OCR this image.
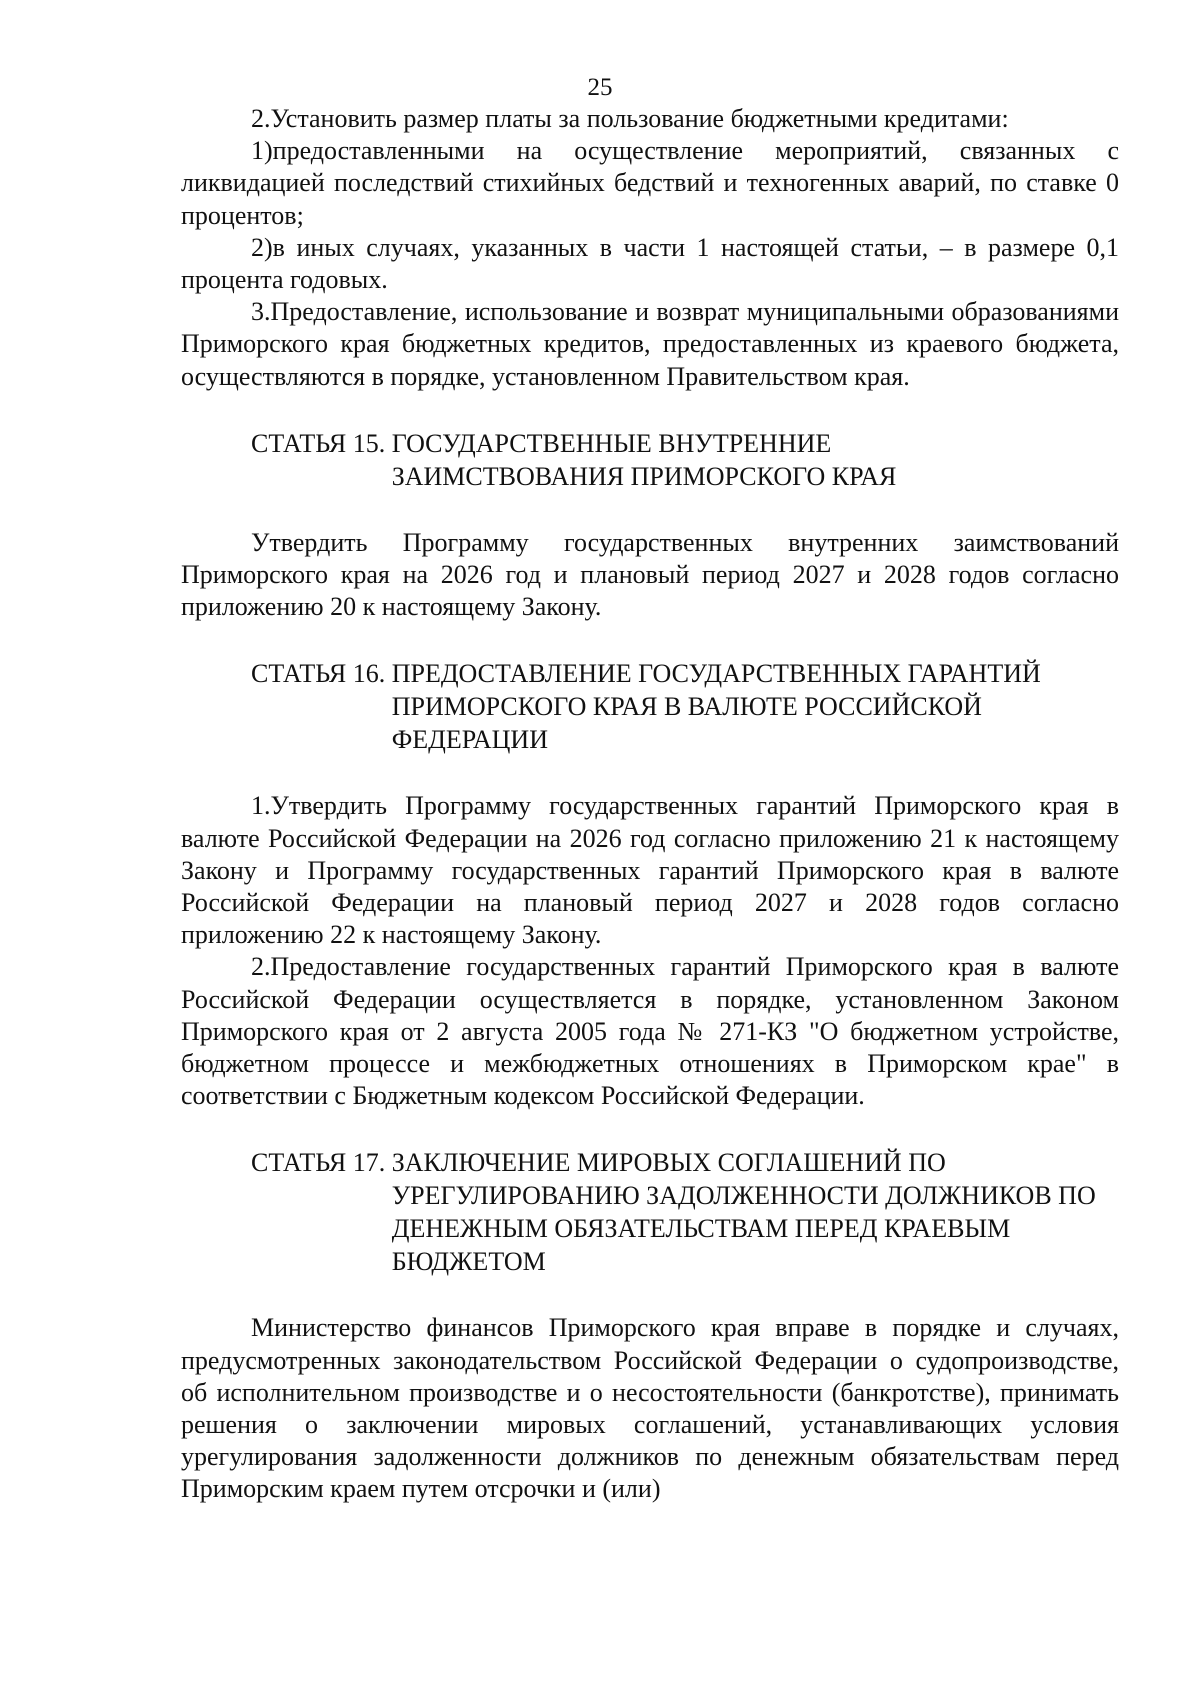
25

2.Установить размер платы за пользование бюджетными кредитами:

1)предоставленными на осуществление мероприятий, связанных с ликвидацией последствий стихийных бедствий и техногенных аварий, по ставке 0 процентов;

2)в иных случаях, указанных в части 1 настоящей статьи, – в размере 0,1 процента годовых.

3.Предоставление, использование и возврат муниципальными образованиями Приморского края бюджетных кредитов, предоставленных из краевого бюджета, осуществляются в порядке, установленном Правительством края.

СТАТЬЯ 15.
ГОСУДАРСТВЕННЫЕ ВНУТРЕННИЕ ЗАИМСТВОВАНИЯ ПРИМОРСКОГО КРАЯ

Утвердить Программу государственных внутренних заимствований Приморского края на 2026 год и плановый период 2027 и 2028 годов согласно приложению 20 к настоящему Закону.

СТАТЬЯ 16.
ПРЕДОСТАВЛЕНИЕ ГОСУДАРСТВЕННЫХ ГАРАНТИЙ ПРИМОРСКОГО КРАЯ В ВАЛЮТЕ РОССИЙСКОЙ ФЕДЕРАЦИИ

1.Утвердить Программу государственных гарантий Приморского края в валюте Российской Федерации на 2026 год согласно приложению 21 к настоящему Закону и Программу государственных гарантий Приморского края в валюте Российской Федерации на плановый период 2027 и 2028 годов согласно приложению 22 к настоящему Закону.

2.Предоставление государственных гарантий Приморского края в валюте Российской Федерации осуществляется в порядке, установленном Законом Приморского края от 2 августа 2005 года № 271-КЗ "О бюджетном устройстве, бюджетном процессе и межбюджетных отношениях в Приморском крае" в соответствии с Бюджетным кодексом Российской Федерации.

СТАТЬЯ 17.
ЗАКЛЮЧЕНИЕ МИРОВЫХ СОГЛАШЕНИЙ ПО УРЕГУЛИРОВАНИЮ ЗАДОЛЖЕННОСТИ ДОЛЖНИКОВ ПО ДЕНЕЖНЫМ ОБЯЗАТЕЛЬСТВАМ ПЕРЕД КРАЕВЫМ БЮДЖЕТОМ

Министерство финансов Приморского края вправе в порядке и случаях, предусмотренных законодательством Российской Федерации о судопроизводстве, об исполнительном производстве и о несостоятельности (банкротстве), принимать решения о заключении мировых соглашений, устанавливающих условия урегулирования задолженности должников по денежным обязательствам перед Приморским краем путем отсрочки и (или)
